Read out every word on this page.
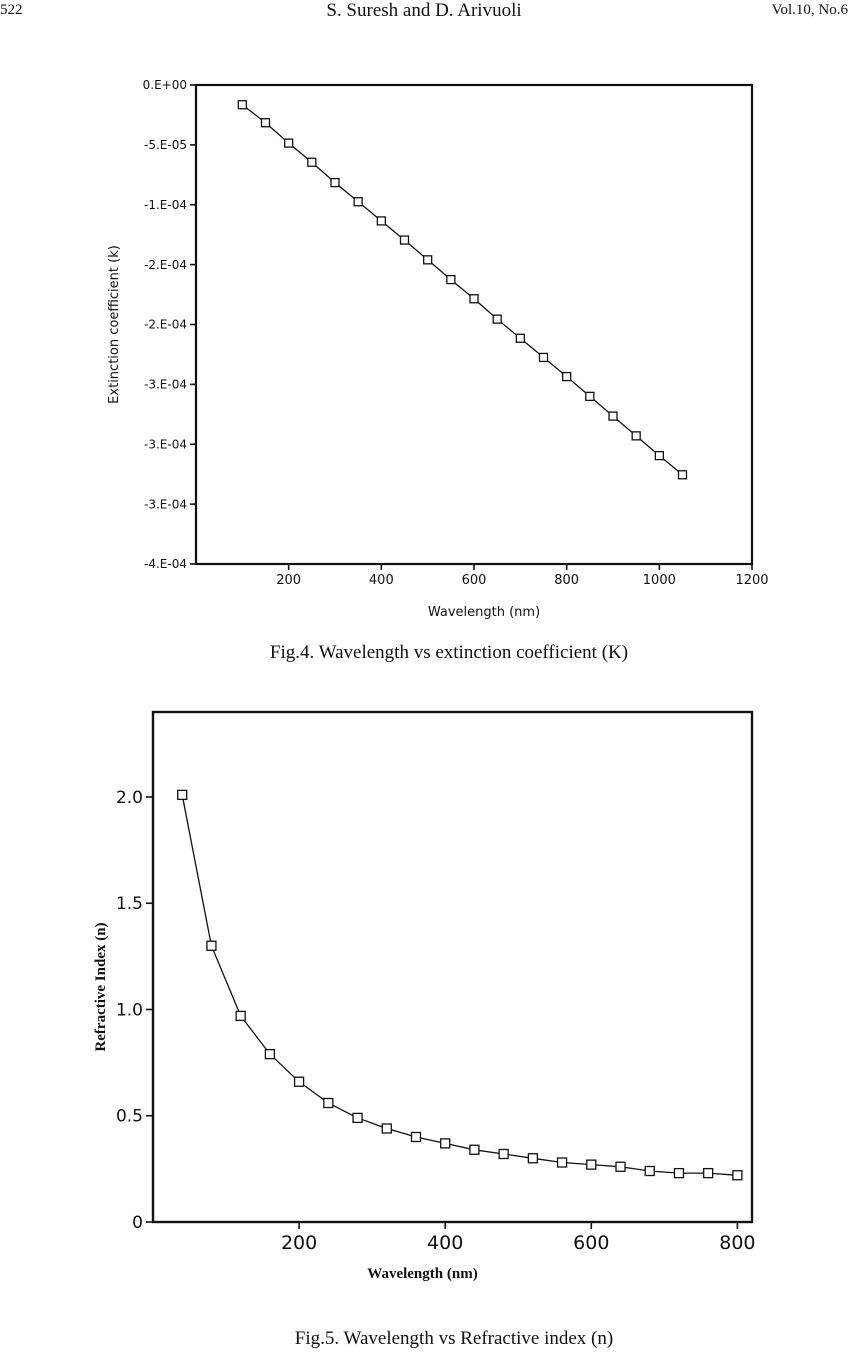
522	S. Suresh and D. Arivuoli	Vol.10, No.6
0.E+00
-5.E-05
-1.E-04
-2.E-04
-2.E-04
-3.E-04
-3.E-04
-3.E-04
-4.E-04
200	400	600	800	1000	1200
Wavelength (nm)
Extinction coefficient (k)
Fig.4. Wavelength vs extinction coefficient (K)
0
0.5
1.0
1.5
2.0
200	400	600	800
Wavelength (nm)
Refractive Index (n)
Fig.5. Wavelength vs Refractive index (n)
